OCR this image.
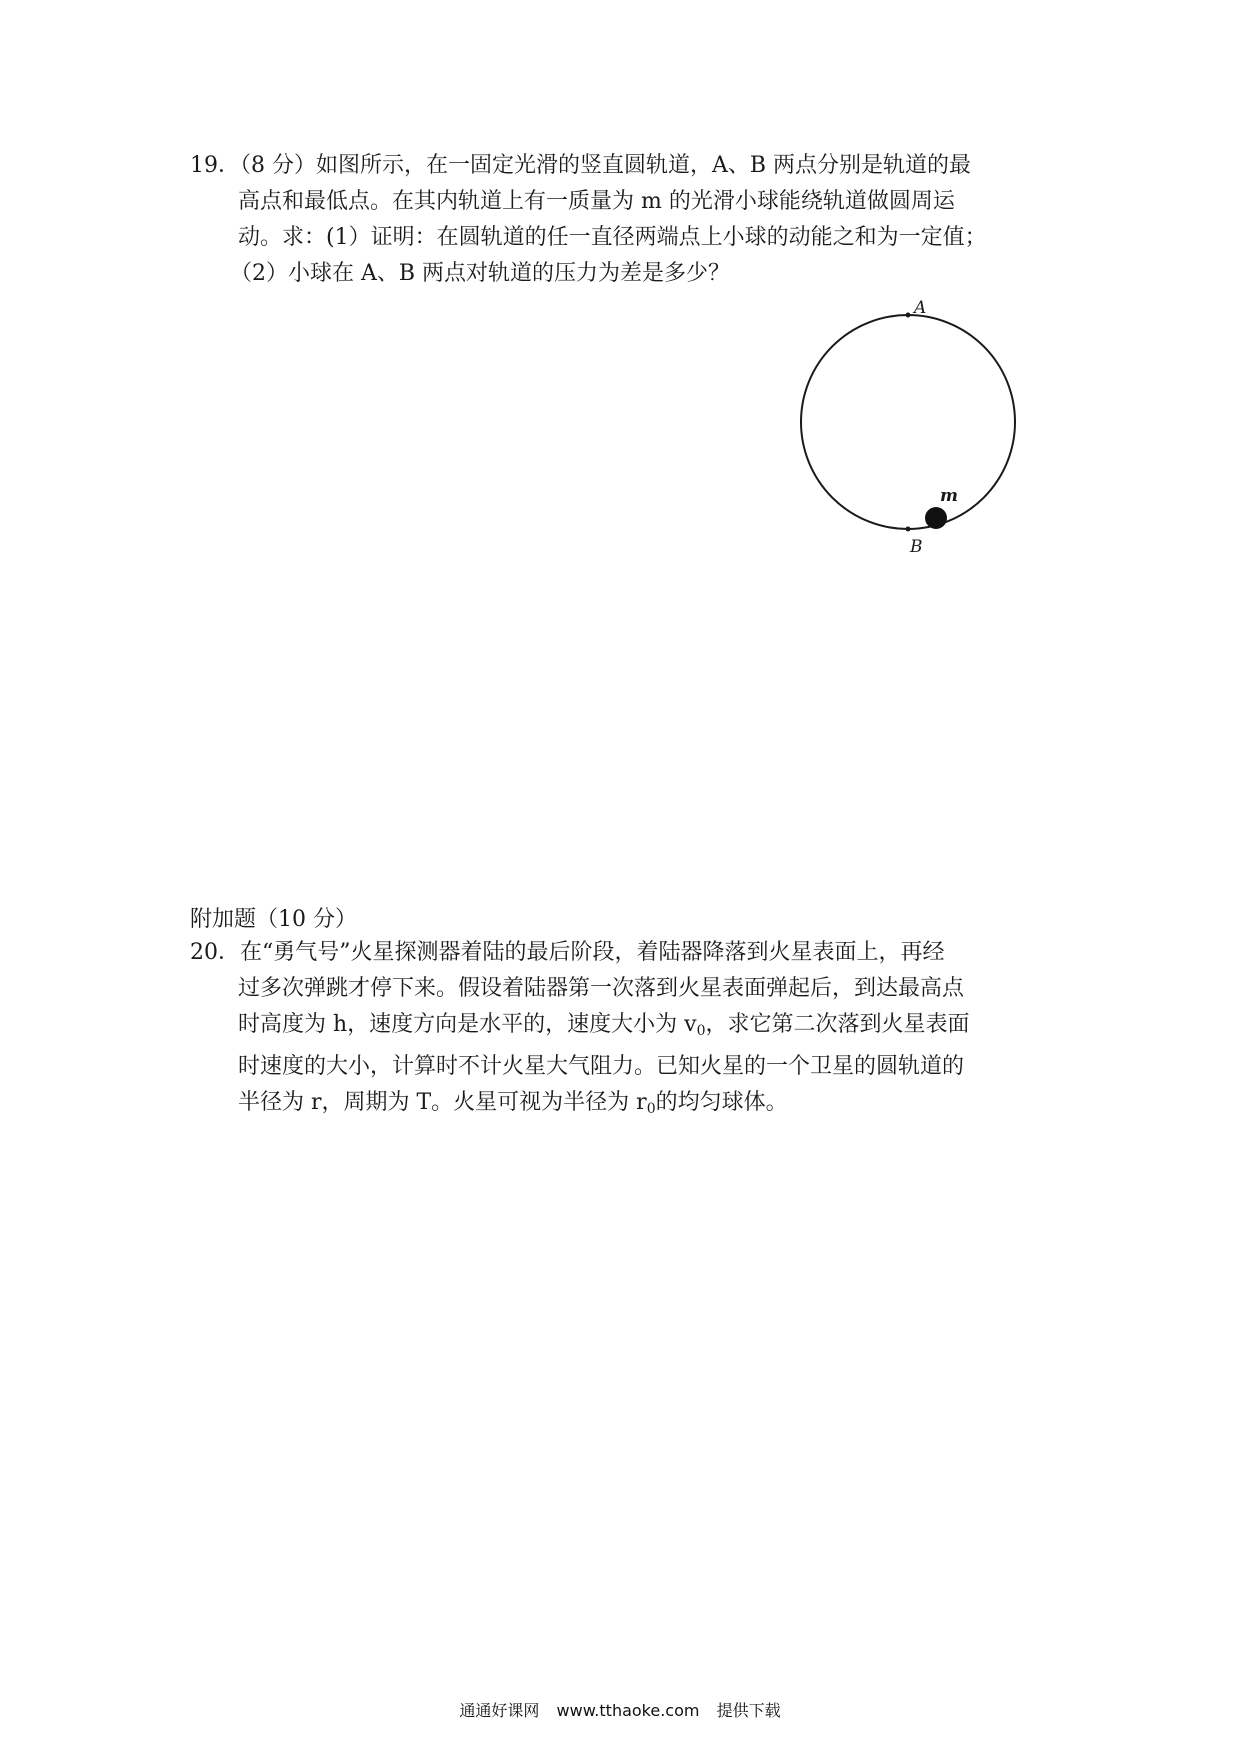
19．（8 分）如图所示，在一固定光滑的竖直圆轨道，A、B 两点分别是轨道的最
高点和最低点。在其内轨道上有一质量为 m 的光滑小球能绕轨道做圆周运
动。求：(1）证明：在圆轨道的任一直径两端点上小球的动能之和为一定值；
（2）小球在 A、B 两点对轨道的压力为差是多少？
A
B
m
附加题（10 分）
20．在“勇气号”火星探测器着陆的最后阶段，着陆器降落到火星表面上，再经
过多次弹跳才停下来。假设着陆器第一次落到火星表面弹起后，到达最高点
时高度为 h，速度方向是水平的，速度大小为 $v_0$，求它第二次落到火星表面
时速度的大小，计算时不计火星大气阻力。已知火星的一个卫星的圆轨道的
半径为 r，周期为 T。火星可视为半径为 $r_0$的均匀球体。
通通好课网 www.tthaoke.com 提供下载
